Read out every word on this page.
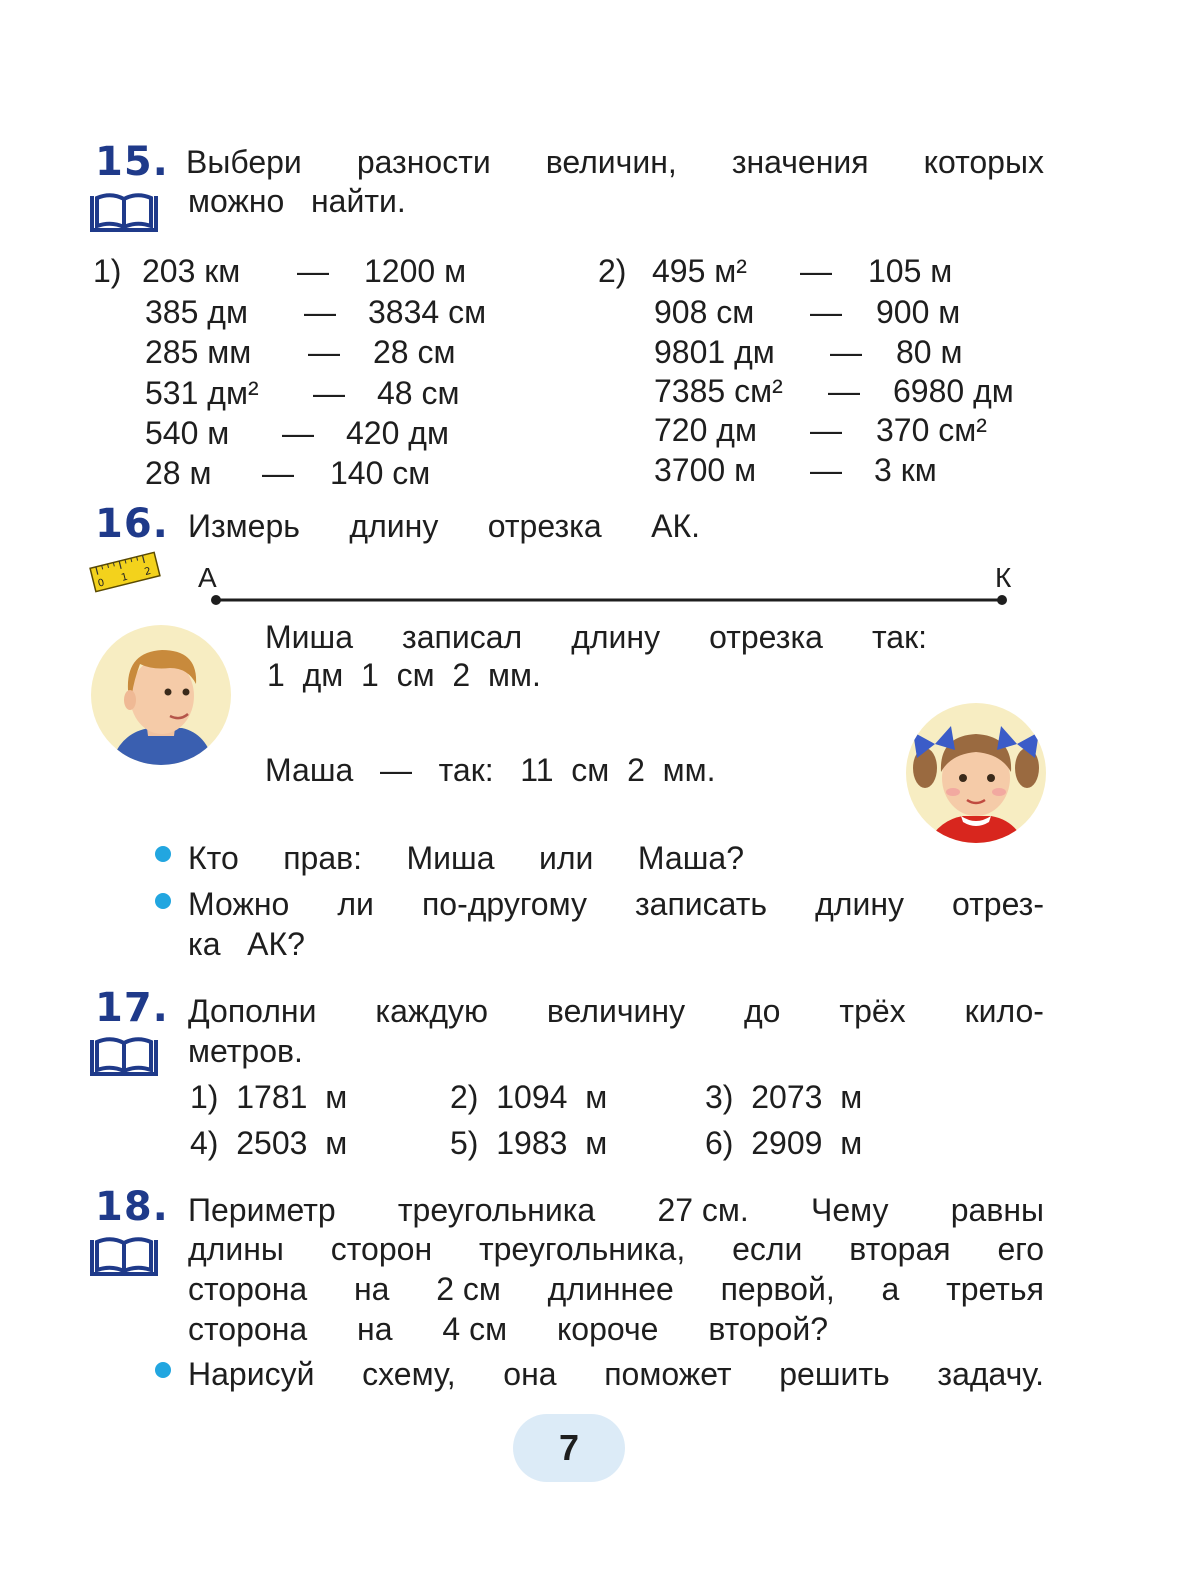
15. Выбери разности величин, значения которых
можно   найти.
1)	2)
203 км — 1200 м
385 дм — 3834 см
285 мм — 28 см
531 дм² — 48 см
540 м — 420 дм
28 м — 140 см
495 м² — 105 м
908 см — 900 м
9801 дм — 80 м
7385 см² — 6980 дм
720 дм — 370 см²
3700 м — 3 км
16. Измерь длину отрезка АК.
0 1 2 А	К
Миша записал длину отрезка так:
1  дм  1  см  2  мм.
Маша   —   так:   11  см  2  мм.
Кто прав: Миша или Маша?
Можно ли по-другому записать длину отрез-
ка   АК?
17. Дополни каждую величину до трёх кило-
метров.
1)  1781  м	2)  1094  м	3)  2073  м
4)  2503  м	5)  1983  м	6)  2909  м
18. Периметр треугольника 27 см. Чему равны
длины сторон треугольника, если вторая его
сторона на 2 см длиннее первой, а третья
сторона на 4 см короче второй?
Нарисуй схему, она поможет решить задачу.
7
